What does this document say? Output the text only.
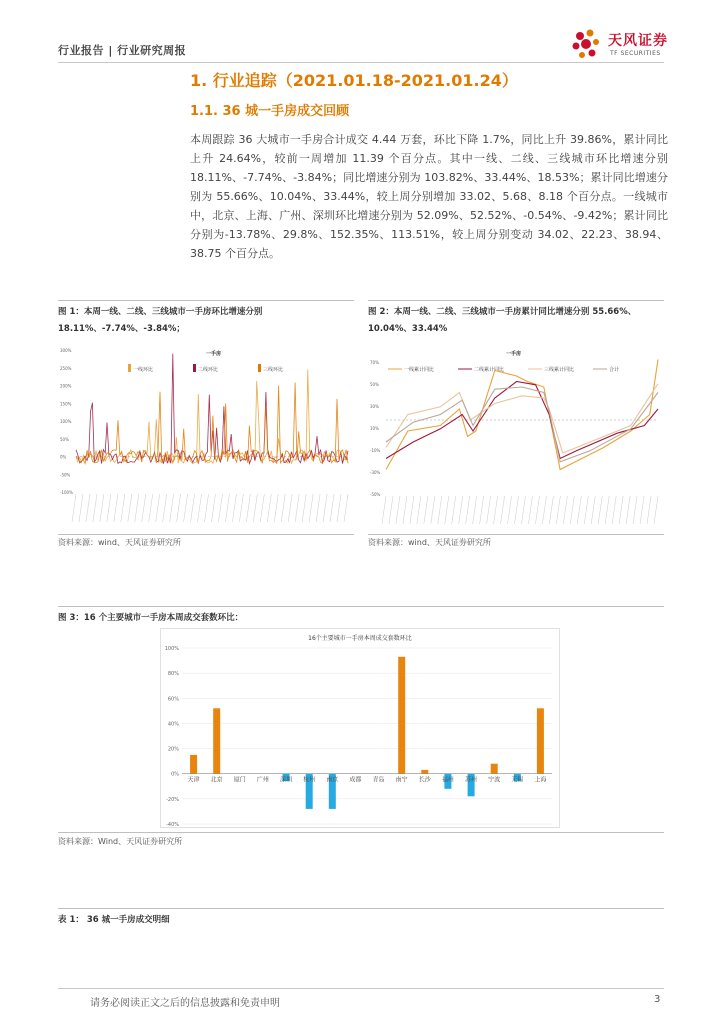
行业报告 | 行业研究周报
天风证券
TF SECURITIES
1. 行业追踪（2021.01.18-2021.01.24）
1.1. 36 城一手房成交回顾
本周跟踪 36 大城市一手房合计成交 4.44 万套，环比下降 1.7%，同比上升 39.86%，累计同比上升 24.64%，较前一周增加 11.39 个百分点。其中一线、二线、三线城市环比增速分别 18.11%、-7.74%、-3.84%；同比增速分别为 103.82%、33.44%、18.53%；累计同比增速分别为 55.66%、10.04%、33.44%，较上周分别增加 33.02、5.68、8.18 个百分点。一线城市中，北京、上海、广州、深圳环比增速分别为 52.09%、52.52%、-0.54%、-9.42%；累计同比分别为-13.78%、29.8%、152.35%、113.51%，较上周分别变动 34.02、22.23、38.94、38.75 个百分点。
图 1：本周一线、二线、三线城市一手房环比增速分别 18.11%、-7.74%、-3.84%；
300%
250%
200%
150%
100%
50%
0%
-50%
-100%
一手房
一线环比	二线环比	三线环比
资料来源：wind、天风证券研究所
图 2：本周一线、二线、三线城市一手房累计同比增速分别 55.66%、10.04%、33.44%
70%
50%
30%
10%
-10%
-30%
-50%
一手房
一线累计同比	二线累计同比	三线累计同比	合计
资料来源：wind、天风证券研究所
图 3：16 个主要城市一手房本周成交套数环比：
16个主要城市一手房本周成交套数环比
100%
80%
60%
40%
20%
0%
-20%
-40%
天津 北京 厦门 广州 深圳 杭州 南京 成都 青岛 南宁 长沙 福州 苏州 宁波 无锡 上海
资料来源：Wind、天风证券研究所
表 1： 36 城一手房成交明细
请务必阅读正文之后的信息披露和免责申明	3
